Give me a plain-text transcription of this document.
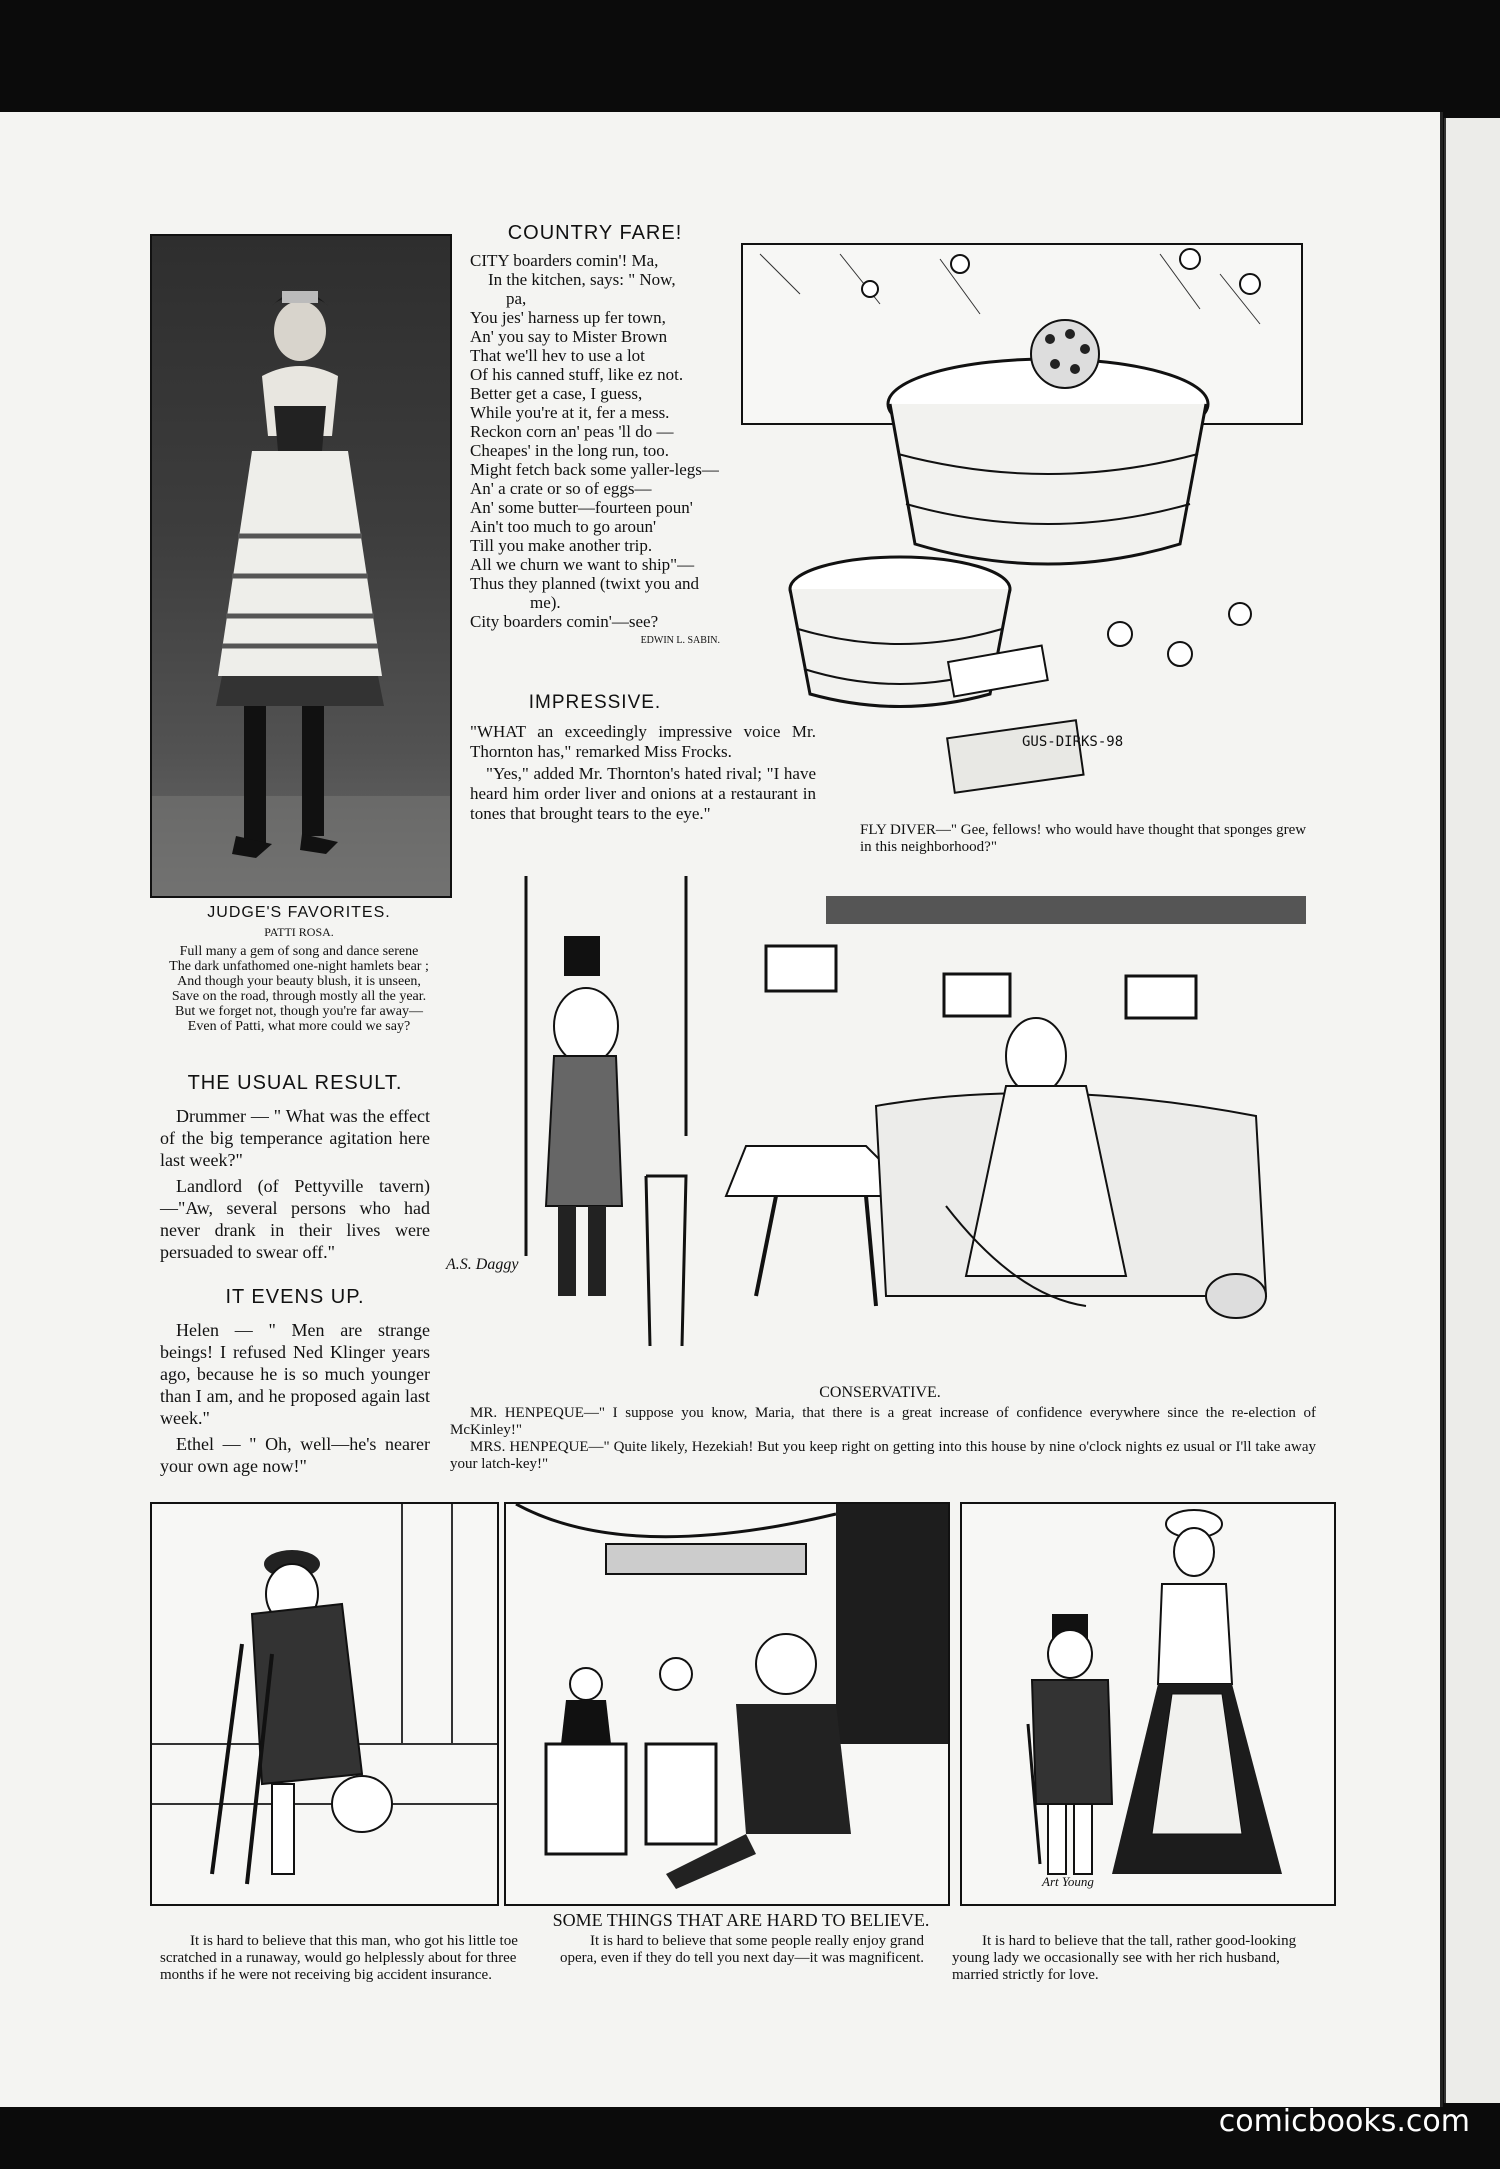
JUDGE'S FAVORITES.
PATTI ROSA.
Full many a gem of song and dance serene
The dark unfathomed one-night hamlets bear ;
And though your beauty blush, it is unseen,
Save on the road, through mostly all the year.
But we forget not, though you're far away—
Even of Patti, what more could we say?
THE USUAL RESULT.

Drummer — " What was the effect of the big temperance agitation here last week?"

Landlord (of Pettyville tavern)—"Aw, several persons who had never drank in their lives were persuaded to swear off."

IT EVENS UP.

Helen — " Men are strange beings! I refused Ned Klinger years ago, because he is so much younger than I am, and he proposed again last week."

Ethel — " Oh, well—he's nearer your own age now!"

COUNTRY FARE!
CITY boarders comin'! Ma,
In the kitchen, says: " Now,
pa,
You jes' harness up fer town,
An' you say to Mister Brown
That we'll hev to use a lot
Of his canned stuff, like ez not.
Better get a case, I guess,
While you're at it, fer a mess.
Reckon corn an' peas 'll do —
Cheapes' in the long run, too.
Might fetch back some yaller-legs—
An' a crate or so of eggs—
An' some butter—fourteen poun'
Ain't too much to go aroun'
Till you make another trip.
All we churn we want to ship"—
Thus they planned (twixt you and
me).
City boarders comin'—see?
EDWIN L. SABIN.
IMPRESSIVE.

"WHAT an exceedingly impressive voice Mr. Thornton has," remarked Miss Frocks.

"Yes," added Mr. Thornton's hated rival; "I have heard him order liver and onions at a restaurant in tones that brought tears to the eye."

GUS-DIRKS-98
FLY DIVER—" Gee, fellows! who would have thought that sponges grew in this neighborhood?"
A.S. Daggy
CONSERVATIVE.
MR. HENPEQUE—" I suppose you know, Maria, that there is a great increase of confidence everywhere since the re-election of McKinley!"
MRS. HENPEQUE—" Quite likely, Hezekiah! But you keep right on getting into this house by nine o'clock nights ez usual or I'll take away your latch-key!"
Art Young
SOME THINGS THAT ARE HARD TO BELIEVE.
It is hard to believe that this man, who got his little toe scratched in a runaway, would go helplessly about for three months if he were not receiving big accident insurance.
It is hard to believe that some people really enjoy grand opera, even if they do tell you next day—it was magnificent.
It is hard to believe that the tall, rather good-looking young lady we occasionally see with her rich husband, married strictly for love.
comicbooks.com
